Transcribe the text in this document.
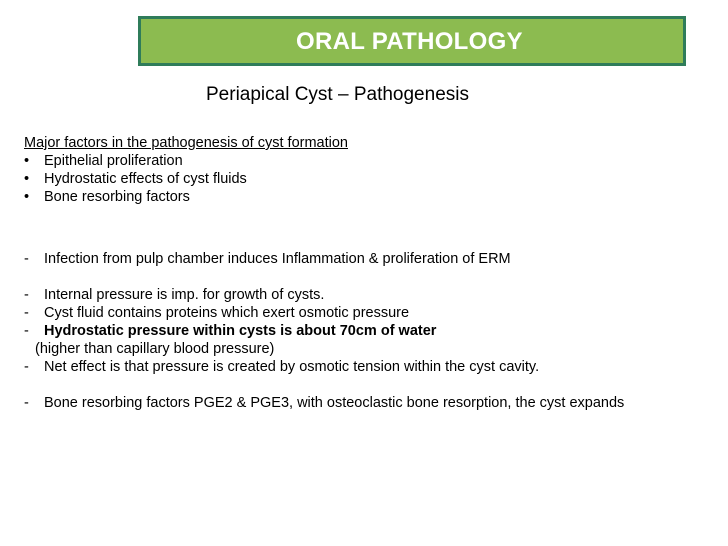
ORAL PATHOLOGY
Periapical Cyst – Pathogenesis
Major factors in the pathogenesis of cyst formation
• Epithelial proliferation
• Hydrostatic effects of cyst fluids
• Bone resorbing factors
- Infection from pulp chamber induces Inflammation & proliferation of ERM
- Internal pressure is imp. for growth of cysts.
- Cyst fluid contains proteins which exert osmotic pressure
- Hydrostatic pressure within cysts is about 70cm of water
(higher than capillary blood pressure)
- Net effect is that pressure is created by osmotic tension within the cyst cavity.
- Bone resorbing factors PGE2 & PGE3, with osteoclastic bone resorption, the cyst expands
